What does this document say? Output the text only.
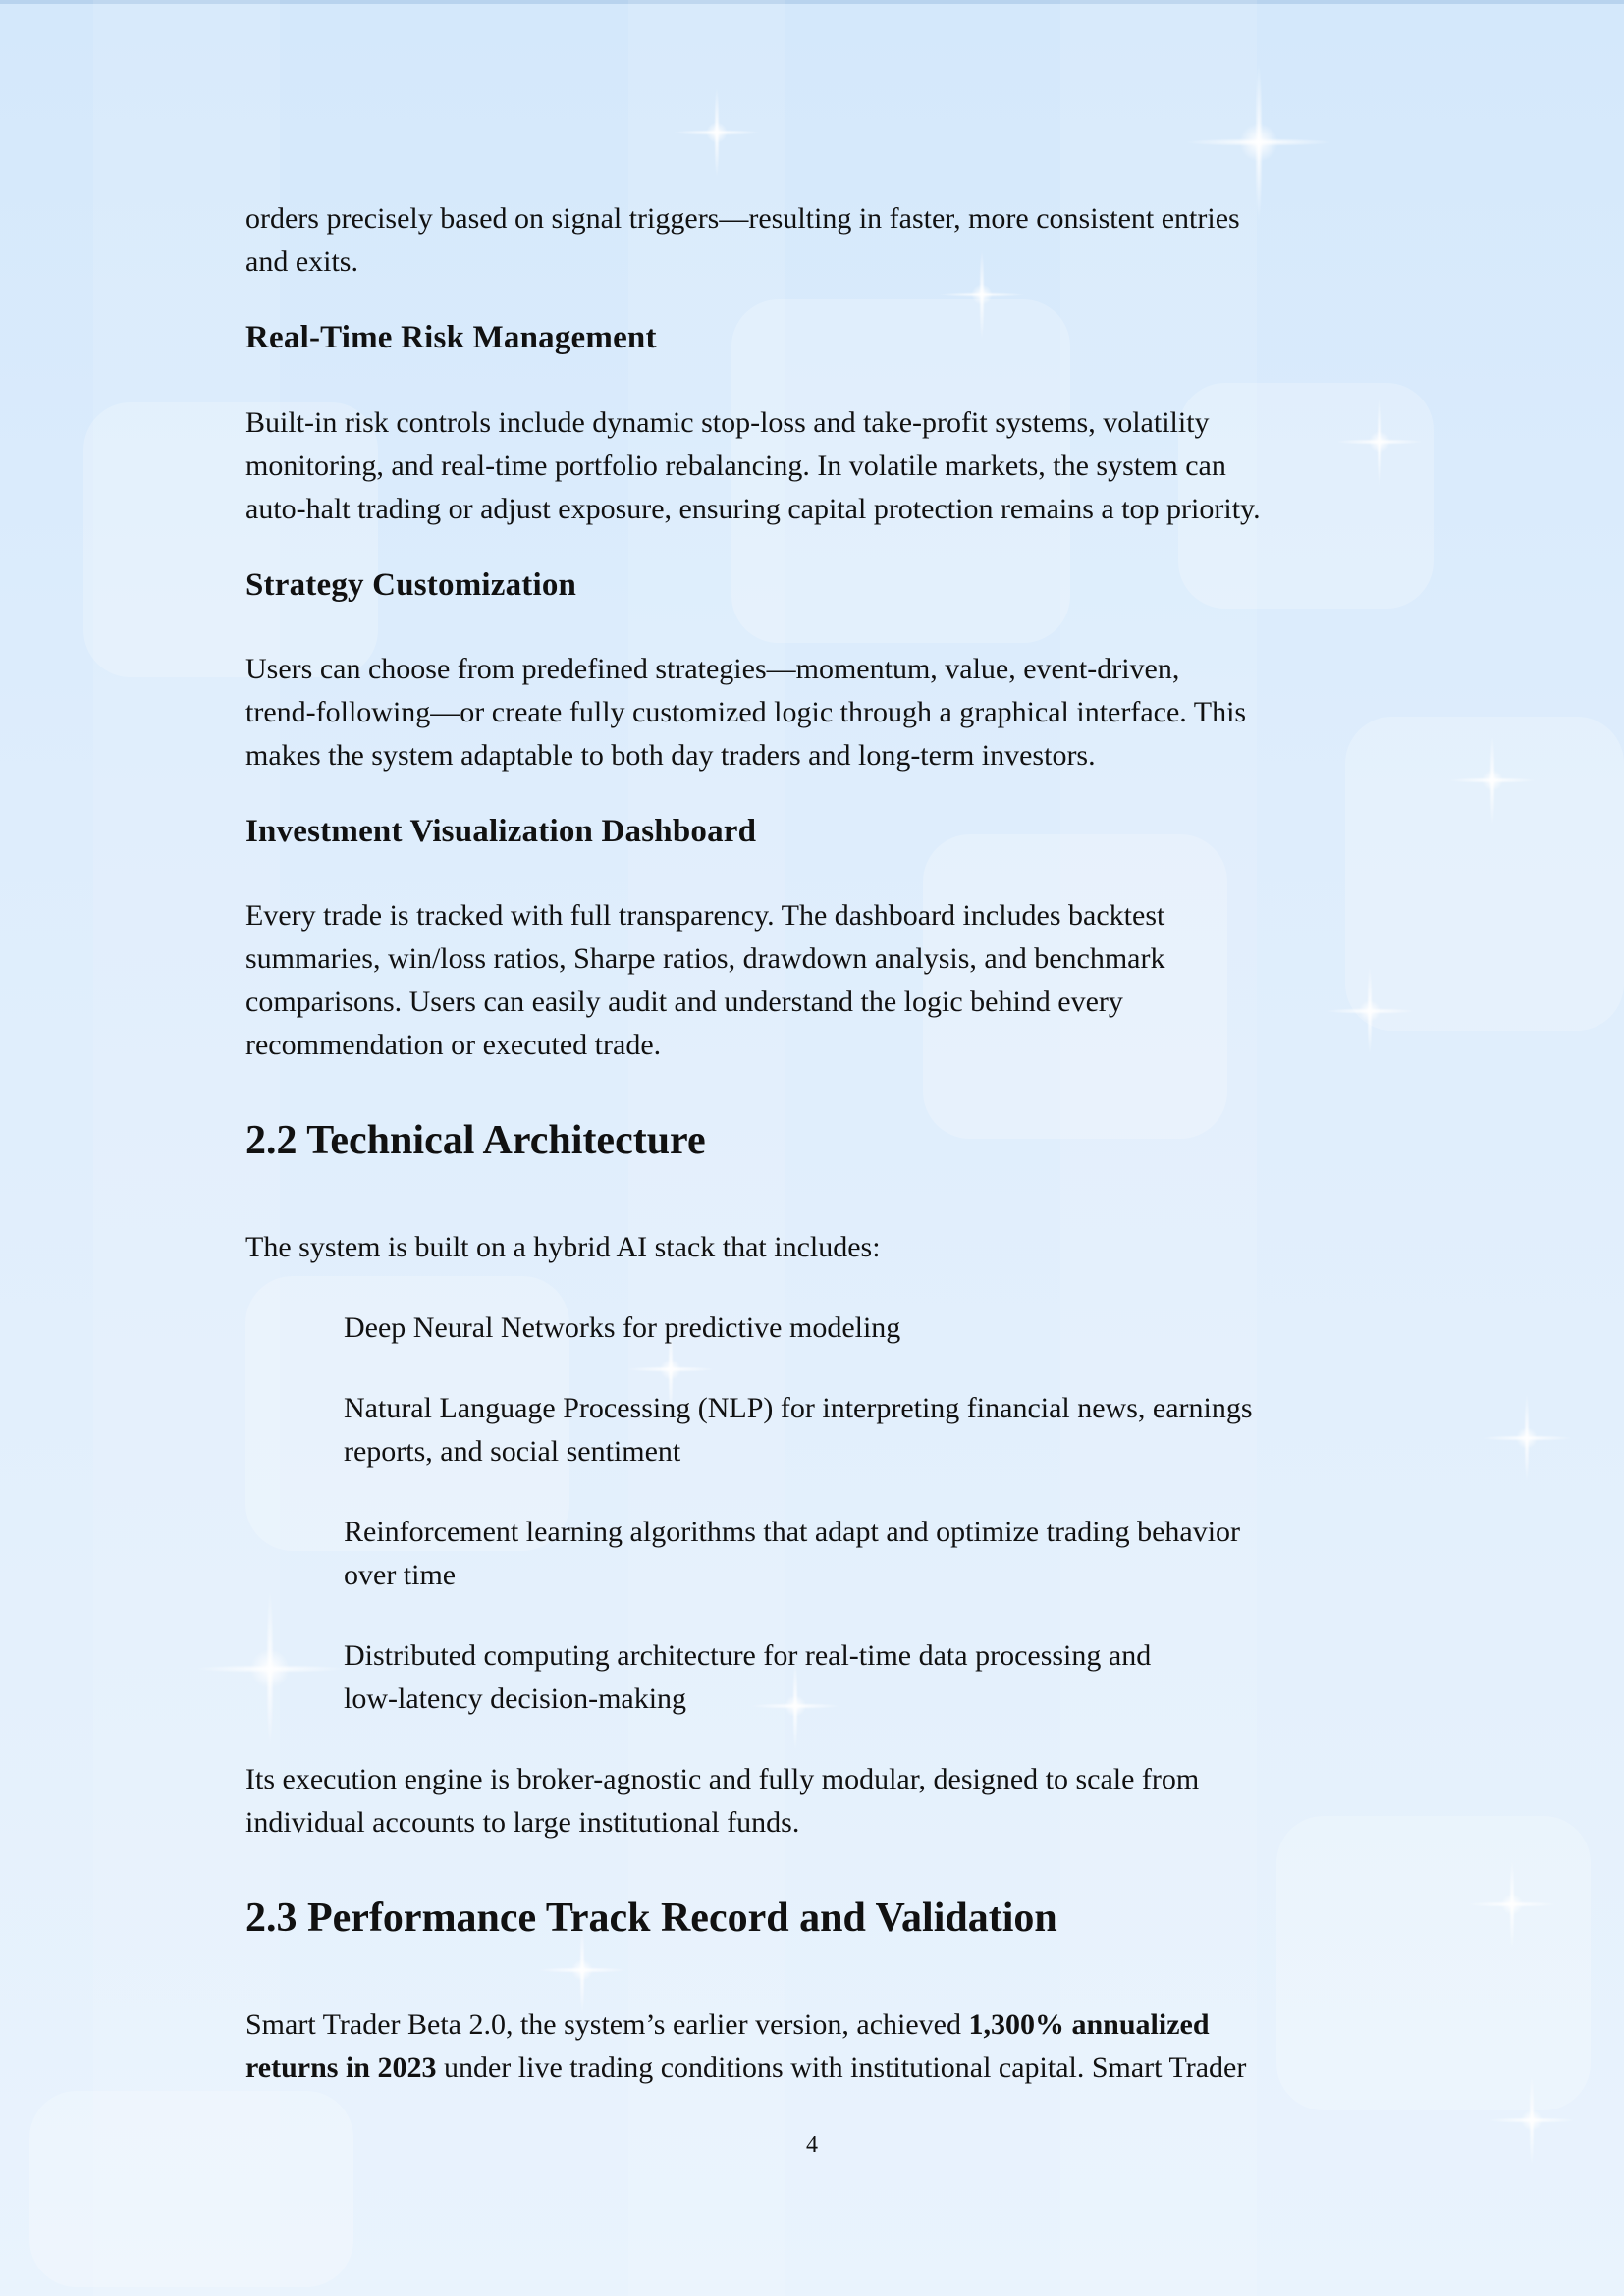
orders precisely based on signal triggers—resulting in faster, more consistent entries
and exits.

Real-Time Risk Management

Built-in risk controls include dynamic stop-loss and take-profit systems, volatility
monitoring, and real-time portfolio rebalancing. In volatile markets, the system can
auto-halt trading or adjust exposure, ensuring capital protection remains a top priority.

Strategy Customization

Users can choose from predefined strategies—momentum, value, event-driven,
trend-following—or create fully customized logic through a graphical interface. This
makes the system adaptable to both day traders and long-term investors.

Investment Visualization Dashboard

Every trade is tracked with full transparency. The dashboard includes backtest
summaries, win/loss ratios, Sharpe ratios, drawdown analysis, and benchmark
comparisons. Users can easily audit and understand the logic behind every
recommendation or executed trade.

2.2 Technical Architecture

The system is built on a hybrid AI stack that includes:

Deep Neural Networks for predictive modeling

Natural Language Processing (NLP) for interpreting financial news, earnings
reports, and social sentiment

Reinforcement learning algorithms that adapt and optimize trading behavior
over time

Distributed computing architecture for real-time data processing and
low-latency decision-making

Its execution engine is broker-agnostic and fully modular, designed to scale from
individual accounts to large institutional funds.

2.3 Performance Track Record and Validation

Smart Trader Beta 2.0, the system’s earlier version, achieved 1,300% annualized
returns in 2023 under live trading conditions with institutional capital. Smart Trader

4
